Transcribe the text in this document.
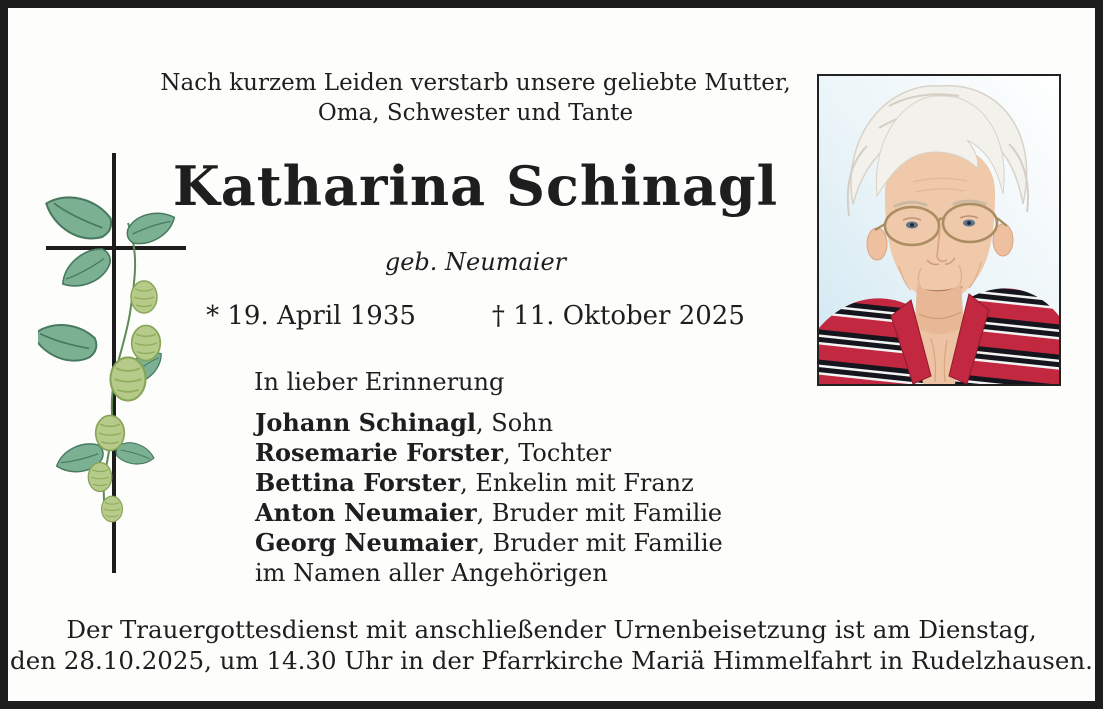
Nach kurzem Leiden verstarb unsere geliebte Mutter,
Oma, Schwester und Tante
Katharina Schinagl
geb. Neumaier
* 19. April 1935	† 11. Oktober 2025
In lieber Erinnerung
Johann Schinagl, Sohn
Rosemarie Forster, Tochter
Bettina Forster, Enkelin mit Franz
Anton Neumaier, Bruder mit Familie
Georg Neumaier, Bruder mit Familie
im Namen aller Angehörigen
Der Trauergottesdienst mit anschließender Urnenbeisetzung ist am Dienstag,
den 28.10.2025, um 14.30 Uhr in der Pfarrkirche Mariä Himmelfahrt in Rudelzhausen.
